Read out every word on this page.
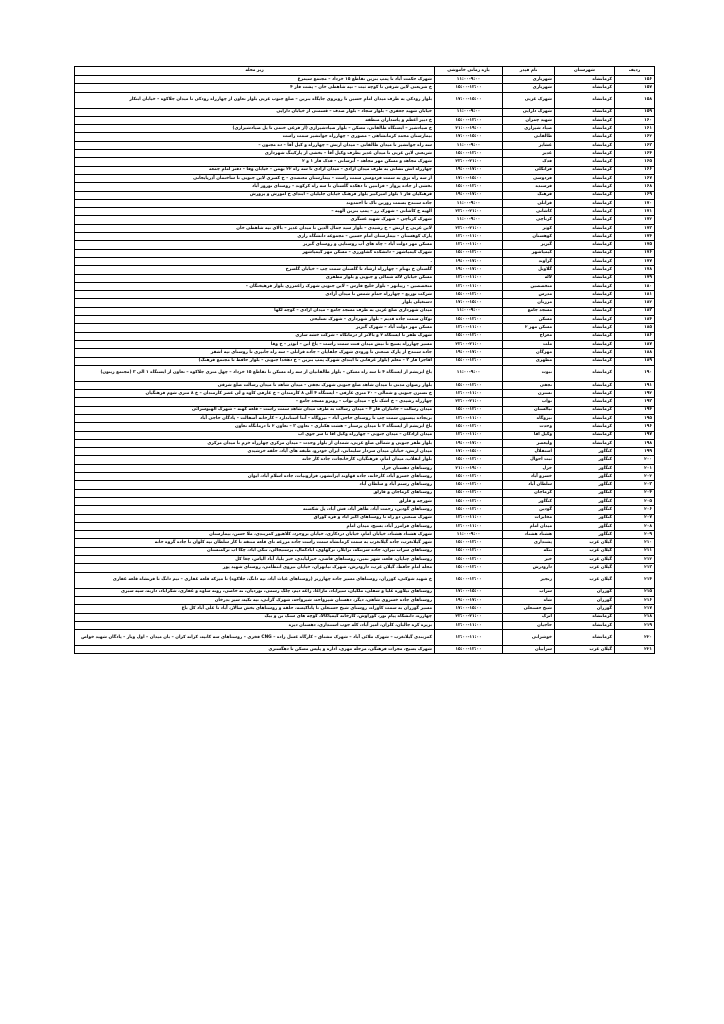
ردیف	شهرستان	نام فیدر	بازه زمانی خاموشی	زیر محله
۱۵۶	کرمانشاه	شهریاری	۱۱:۰۰-۹:۰۰	شهرک حکمت آباد تا پمپ بنزین تقاطع ۱۵ خرداد – مجتمع سیمرغ
۱۵۷	کرمانشاه	شهریاری	۱۵:۰۰-۱۳:۰۰	خ شریعتی لاین شرقی تا کوچه ثبت – تپه شاهطی خان – پشت فاز ۴
۱۵۸	کرمانشاه	شهرک غربی	۱۷:۰۰-۱۵:۰۰	بلوار رودکی به طرف میدان امام حسین تا روبروی جایگاه بنزین – ضلع جنوب غربی بلوار تعاون از چهارراه رودکی تا میدان جلاکوه – خیابان ابتکار
۱۵۹	کرمانشاه	شهرک دارایی	۱۱:۰۰-۹:۰۰	خیابان شهید جعفری – بلوار سجاد – بلوار صدف – قسمتی از خیابان دارایی
۱۶۰	کرمانشاه	شهید چمران	۱۵:۰۰-۱۳:۰۰	خ دبیر اعظم و پاسداران منطقه
۱۶۱	کرمانشاه	صیاد شیرازی	۲۱:۰۰-۱۹:۰۰	خ صیادشیر – ایستگاه طالقانی، مسکن – بلوار صیادشیرازی (از فرعی ختمی تا پل صیادشیرازی)
۱۶۲	کرمانشاه	طالقانی	۱۷:۰۰-۱۵:۰۰	بیمارستان محمد کرمانشاهی – مصوری – چهارراه جوانشیر سمت راست
۱۶۳	کرمانشاه	عشایر	۱۱:۰۰-۹:۰۰	سه راه جوانشیر تا میدان طالقانی – میدان ارتش – چهارراه و کیل آقا – ده مجنون –
۱۶۴	کرمانشاه	غدیر	۱۵:۰۰-۱۳:۰۰	شریعتی لاین غربی تا میدان غدیر بطرف وکیل آقا – بخشی از پارکینگ شهرداری
۱۶۵	کرمانشاه	فدک	۲۳:۰۰-۲۱:۰۰	شهرک مجاهد و مسکن مهر مجاهد – آبرسانی – فدک فاز ۱ و ۲
۱۶۶	کرمانشاه	فرانکلی	۱۹:۰۰-۱۷:۰۰	چهارراه آتش نشانی به طرف میدان آزادی – میدان آزادی تا سه راه ۲۲ بهمن – خیابان وفا – دفتر امام جمعه
۱۶۷	کرمانشاه	فردوسی	۱۷:۰۰-۱۵:۰۰	از سه راه برق به سمت فردوسی سمت راست – بیمارستان معتضدی – خ کسری لاین جنوبی تا ساختمان آذرپایجانی
۱۶۸	کرمانشاه	فرسنده	۱۵:۰۰-۱۳:۰۰	بخشی از جاده پرواز – فرانتین تا دهکده گلستان تا سه راه کرکوند – روستای نوروز آباد
۱۶۹	کرمانشاه	فرهنگ	۱۹:۰۰-۱۷:۰۰	فرهنگیان فاز ۱ بلوار امیرکبیر بلوار فرهنگ خیابان جلیلیان – ابتدای خ آموزش و پرورش
۱۷۰	کرمانشاه	قزانلی	۱۱:۰۰-۹:۰۰	جاده سنندج بسمت روزبن تاک تا احمدوند
۱۷۱	کرمانشاه	کاشانی	۲۳:۰۰-۲۱:۰۰	الهیه خ کاشانی – شهرک رز – پمپ بنزین الهیه –
۱۷۲	کرمانشاه	کرناچی	۱۱:۰۰-۹:۰۰	شهرک کرناچی – شهرک شهید عسگری
۱۷۳	کرمانشاه	کوثر	۲۳:۰۰-۲۱:۰۰	لاین غربی خ ارتش – خ رشیدی – بلوار سید جمال الدین تا میدان غدیر – بالای تپه شاهطی خان
۱۷۴	کرمانشاه	کوهستان	۱۳:۰۰-۱۱:۰۰	پارک کوهستان – بیمارستان امام حسین – مجموعه دانشگاه رازی
۱۷۵	کرمانشاه	گبریز	۱۳:۰۰-۱۱:۰۰	مسکن مهر دولت آباد – چاه های آب روستایی و روستای گبریز
۱۷۶	کرمانشاه	کیمیاشهر	۱۵:۰۰-۱۳:۰۰	شهرک کیمیاشهر – دانشکده کشاورزی – مسکن مهر کیمیاشهر
۱۷۷	کرمانشاه	گراوند	۱۹:۰۰-۱۷:۰۰	.
۱۷۸	کرمانشاه	گلاویل	۱۹:۰۰-۱۷:۰۰	گلستان خ بهنام – چهارراه ارشاد تا گلستان سمت چپ – خیابان گلسرخ
۱۷۹	کرمانشاه	لاله	۱۳:۰۰-۱۱:۰۰	مسکن خیابان لاله شمالی و جنوبی و بلوار مظفری
۱۸۰	کرمانشاه	متخصصین	۱۳:۰۰-۱۱:۰۰	متخصصین – زیبانهر – بلوار خلیج فارس – لاین جنوبی شهرک زاغمرزی بلوار فرهیختگان –
۱۸۱	کرمانشاه	مدرس	۱۵:۰۰-۱۳:۰۰	شرکت توزیع – چهارراه حمام شمس تا میدان آزادی
۱۸۲	کرمانشاه	مرزبان	۱۷:۰۰-۱۵:۰۰	دستغیلی بلوار
۱۸۳	کرمانشاه	مسجد جامع	۱۱:۰۰-۹:۰۰	میدان شهرداری ضلع غربی به طرف مسجد جامع – میدان آزادی – کوچه لکها
۱۸۴	کرمانشاه	مسکن	۱۵:۰۰-۱۳:۰۰	توکان سمت جاده قدیم – بلوار شهرداری – شهرک تسلیحی
۱۸۵	کرمانشاه	مسکن مهر ۲	۱۳:۰۰-۱۱:۰۰	مسکن مهر دولت آباد – شهرک گبریز
۱۸۶	کرمانشاه	معراج	۱۵:۰۰-۱۳:۰۰	شهرک ظفر تا ایستگاه ۲ و بالاتر از درمانگاه – شرکت خشه سازی
۱۸۷	کرمانشاه	ملت	۲۳:۰۰-۲۱:۰۰	مسیر چهارراه بسیج تا نبش میدان فتت سمت راست – باغ ابن – ابوذر – خ وفا
۱۸۸	کرمانشاه	مهرگان	۱۹:۰۰-۱۷:۰۰	جاده سنندج از پارک صنعتی تا ورودی شهرک جلفایان – جاده قزانلی – سه راه جانپری تا روستای تپه اشقر
۱۸۹	کرمانشاه	مطهری	۱۵:۰۰-۱۳:۰۰	آقاجرا فاز ۳ – معلم (بلوار عرفانی تا ابتدای شهرک پمپ بنزین – خ دهخدا جنوبی – بلوار حافظ تا مجتمع فرهنگ)
۱۹۰	کرمانشاه	نبوت	۱۱:۰۰-۹:۰۰	باغ ابریشم از ایستگاه ۴ تا سه راه مسکن – بلوار طالقانیان از سه راه مسکن تا تقاطع ۱۵ خرداد – چهل متری جلاکوه – تعاون از ایستگاه ۱ الی ۳ (مجتمع زیتون)
۱۹۱	کرمانشاه	نجفی	۱۵:۰۰-۱۳:۰۰	بلوار رضوان مدنی تا میدان شاهد ضلع جنوبی شهرک نجفی – میدان شاهد تا میدان رسالت ضلع شرقی
۱۹۲	کرمانشاه	نسترن	۱۳:۰۰-۱۱:۰۰	خ نسترن جنوبی و شمالی – ۲۰ متری عارفی – ایستگاه ۴ الی ۸ کارمندان – خ عارفی کاوه و لی عصر کارمندان – خ ۸ متری شوم فرهنگیان
۱۹۳	کرمانشاه	نواب	۲۳:۰۰-۲۱:۰۰	چهارراه رشیدی – خ اشک تاج – میدان نواب – روبرو مسجد جامع –
۱۹۴	کرمانشاه	نیالستان	۱۵:۰۰-۱۳:۰۰	میدان رسالت – جانبازان فاز ۴ – میدان رسالت به طرف میدان شاهد سمت راست – قلعه کهنه – شهرک الهیوسرائی
۱۹۵	کرمانشاه	نیروگاه	۱۳:۰۰-۱۱:۰۰	بریجاده بیستون سمت چپ تا روستای حاجی آباد – نیروگاه – آنتا استاندارد – کارخانه آسفالت – پادگان حاجی آباد
۱۹۶	کرمانشاه	وحدت	۱۵:۰۰-۱۳:۰۰	باغ ابریشم از ایستگاه ۳ تا میدان پرستار – هشت هکتاری – تعاون ۳ – تعاون ۲ تا درمانگاه تعاون
۱۹۷	کرمانشاه	وکیل آقا	۱۳:۰۰-۱۱:۰۰	میدان آزادگان – میدان جنوبی – چهارراه وکیل آقا تا سر جوی آب
۱۹۸	کرمانشاه	ولیعصر	۱۹:۰۰-۱۷:۰۰	بلوار ظفر جنوبی و شمالی ضلع غربی، شمدان از بلوار وحدت – میدان مرکزی چهارراه خرم تا میدان مرکزی
۱۹۹	کنگاور	استقلال	۱۷:۰۰-۱۵:۰۰	میدان ارتش، خیابان میدان سردار سلیمانی، ایران خودرو، طبقه های آیاد، حلقه خرشیدی
۲۰۰	کنگاور	ثبت احوال	۱۵:۰۰-۱۳:۰۰	بلوار انقلاب، میدان امام، فرهنگیان، کارخانجات، جاده کار خانه
۲۰۱	کنگاور	خزل	۲۱:۰۰-۱۹:۰۰	روستاهای دهستان خزل
۲۰۲	کنگاور	خسرو آباد	۱۵:۰۰-۱۳:۰۰	روستاهای خسرو آباد، کارخانه، جاده قهاوند ایرانشهر، فرازونیات، جاده اسلام آباد، ایوان
۲۰۳	کنگاور	سلطان آباد	۱۵:۰۰-۱۳:۰۰	روستاهای رستم آباد و سلطان آباد
۲۰۴	کنگاور	کرماجان	۱۵:۰۰-۱۳:۰۰	روستاهای کرماجان و قارلق
۲۰۵	کنگاور	کنگاور	۱۵:۰۰-۱۳:۰۰	شورچه و قارلق
۲۰۶	کنگاور	گودین	۱۵:۰۰-۱۳:۰۰	روستاهای گودین، رحمت آباد، ظاهر آباد، فش آباد، پل شکسته
۲۰۷	کنگاور	مخابرات	۱۳:۰۰-۱۱:۰۰	شهرک صنعتی دو راه تا روستاهای اکبر آباد و فره کوراق
۲۰۸	کنگاور	میدان امام	۱۳:۰۰-۱۱:۰۰	روستاهای فرامرز آباد، بسیج، میدان امام
۲۰۹	کنگاور	هشتاد هشتاد	۱۱:۰۰-۹:۰۰	شهرک هشتاد هشتاد، خیابان امام، خیابان دردکاری، خیابان بروجرد، کلاهیور کمربندی، ملا حسن، بیمارستان
۲۱۰	گیلان غرب	پشتداری	۱۵:۰۰-۱۳:۰۰	شهر گیلانغرب، جاده گیلانغرب به سمت کرمانشاه سمت راست جاده مزرعه تای قلعه منتقه تا کار سلطان تپه کلوان تا جاده گروه خانه
۲۱۱	گیلان غرب	تنگه	۱۵:۰۰-۱۳:۰۰	روستاهای سراب نیران، جاده سرتنگه، ترابلار، ترکهاوی، آبادکمال، پرستیجالی، تنگی آباد، چکا آب ترکمنستان
۲۱۲	گیلان غرب	خیر	۱۵:۰۰-۱۳:۰۰	روستاهای چنایان، قلعه، شهر نمین، روستاهای قاضی، خیرلیابدی، خیر بلیا، آباد الیاس، چغا کل
۲۱۳	گیلان غرب	دارودرش	۱۵:۰۰-۱۳:۰۰	محله امام حافظ، گیلان غرب، دارودرش، شهرک نیابهران، خیابان نیروی انتظامی، روستای شهید پور
۲۱۴	گیلان غرب	زنجیر	۱۵:۰۰-۱۳:۰۰	خ شهید شوکتی، کوزران، روستاهای مسیر جاده چهارزبر (روستاهای غیاث آباد، تپه دانگ، جلاکوه) تا میرکه قلعه غفاری – تیم دانگ تا فرنشاه قلعه غفاری
۲۱۵	گوزران	سراب	۱۷:۰۰-۱۵:۰۰	روستاهای تیلاوره علیا و سفلی، ملکیان، سیرآباد، ماژاغا، زاغه دیم، چلک رسمی، نوردیان، نه خاصی، رونه ساوه و غفاری، شکراباد، داربه، سپه سبزی
۲۱۶	گوزران	شاه	۱۹:۰۰-۱۷:۰۰	روستاهای جاده خسروی شاهی، دیگر، دهستان شیرواحه، شیرواحه، شهرک گزانی، تیه تکیه، سیر بدرخان
۲۱۷	گوزران	شیخ حسنعلی	۱۷:۰۰-۱۵:۰۰	مسیر گوزران به سمت کاوراه، روستای شیخ حسنعلی تا پاتاکیسه، حلقه و روستاهای بخش سالار، آباد تا علی آباد کل باغ
۲۱۸	کرمانشاه	اترک	۲۳:۰۰-۲۱:۰۰	چهارره، دانشگاه پیام نور، کوراوش، کارخانه کیمیاکالا، کوچه های سنگ بن و بیگ
۲۱۹	کرمانشاه	حاجیان	۱۳:۰۰-۱۱:۰۰	بریزه کره جالبان، کلران، امیر آباد، کله جوب استنداری، دهستان دیره
۲۲۰	کرمانشاه	خوشرانی	۱۳:۰۰-۱۱:۰۰	کمربندی گیلانغرب – شهرک ملائی آباد – شهرک مشتاق – کارگاه عسل زاده – CNG فخری – روستاهای سه کانیه، کرانه کران – بان میدان – اول وبار – پادگان شهید خواص
۲۲۱	گیلان غرب	سرابیان	۱۵:۰۰-۱۳:۰۰	شهرک بسیج، مجرات فرهنگی، مرحله مهری، اداره و پلیس مسکن تا دهگستری
